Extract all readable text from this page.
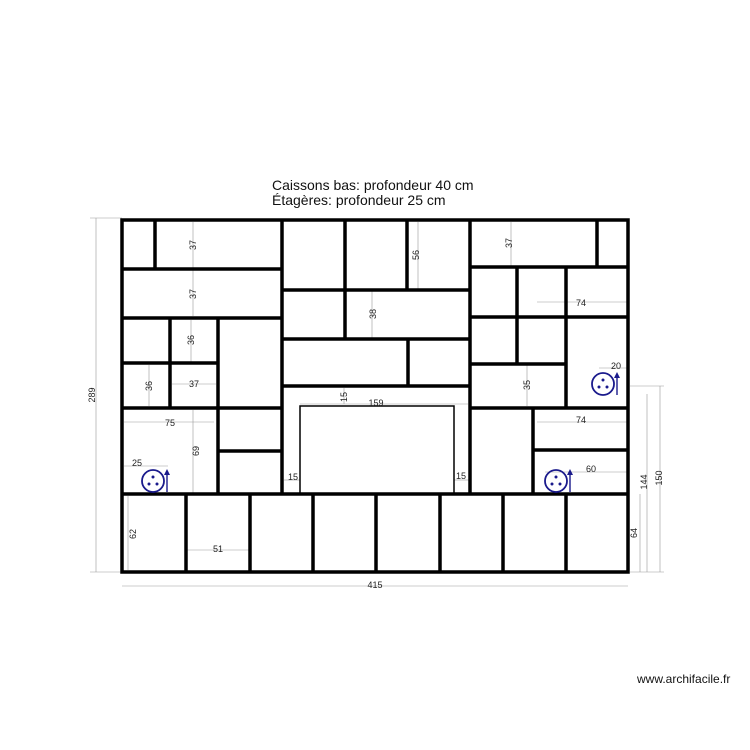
Caissons bas: profondeur 40 cm
Étagères: profondeur 25 cm
415
289
150
144
64
62
51
159
15
15	15
37
37
36
36	37
75
69
25
56
38
37
74
35
20
74
60
www.archifacile.fr
